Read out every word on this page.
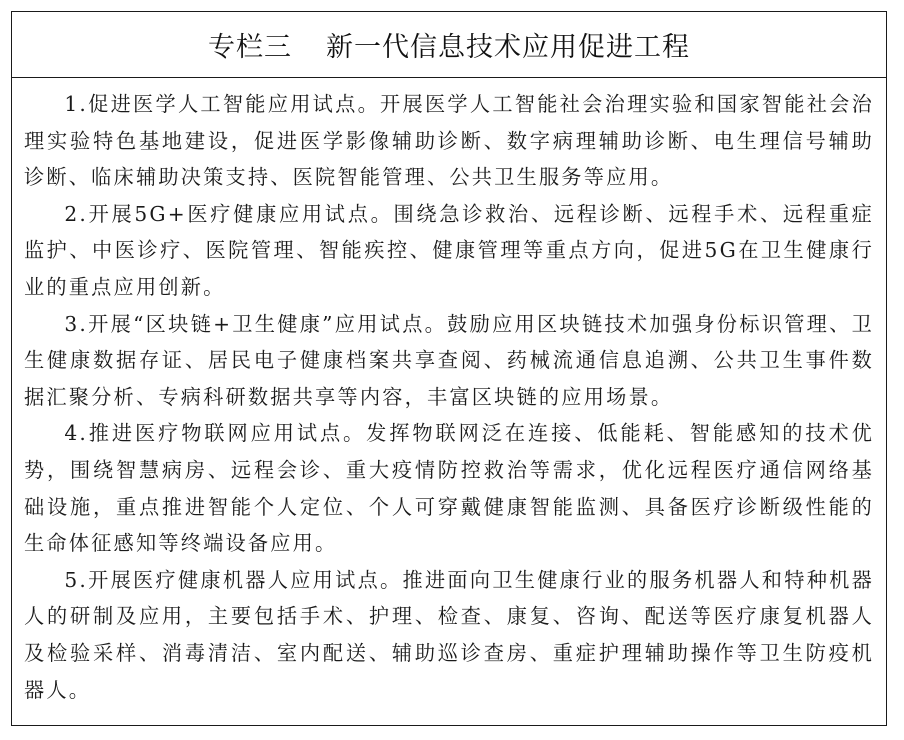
专栏三 新一代信息技术应用促进工程

1.促进医学人工智能应用试点。开展医学人工智能社会治理实验和国家智能社会治理实验特色基地建设，促进医学影像辅助诊断、数字病理辅助诊断、电生理信号辅助诊断、临床辅助决策支持、医院智能管理、公共卫生服务等应用。

2.开展5G+医疗健康应用试点。围绕急诊救治、远程诊断、远程手术、远程重症监护、中医诊疗、医院管理、智能疾控、健康管理等重点方向，促进5G在卫生健康行业的重点应用创新。

3.开展“区块链+卫生健康”应用试点。鼓励应用区块链技术加强身份标识管理、卫生健康数据存证、居民电子健康档案共享查阅、药械流通信息追溯、公共卫生事件数据汇聚分析、专病科研数据共享等内容，丰富区块链的应用场景。

4.推进医疗物联网应用试点。发挥物联网泛在连接、低能耗、智能感知的技术优势，围绕智慧病房、远程会诊、重大疫情防控救治等需求，优化远程医疗通信网络基础设施，重点推进智能个人定位、个人可穿戴健康智能监测、具备医疗诊断级性能的生命体征感知等终端设备应用。

5.开展医疗健康机器人应用试点。推进面向卫生健康行业的服务机器人和特种机器人的研制及应用，主要包括手术、护理、检查、康复、咨询、配送等医疗康复机器人及检验采样、消毒清洁、室内配送、辅助巡诊查房、重症护理辅助操作等卫生防疫机器人。
